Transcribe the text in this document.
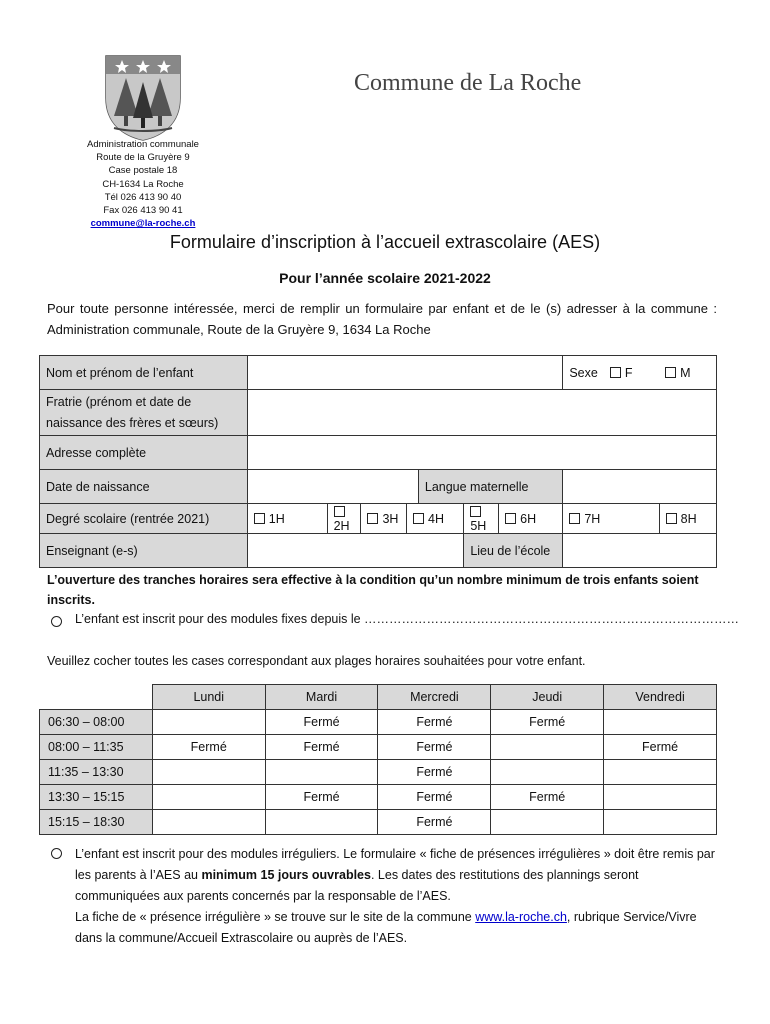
Commune de La Roche
Administration communale
Route de la Gruyère 9
Case postale 18
CH-1634 La Roche
Tél 026 413 90 40
Fax 026 413 90 41
commune@la-roche.ch
Formulaire d’inscription à l’accueil extrascolaire (AES)
Pour l’année scolaire 2021-2022
Pour toute personne intéressée, merci de remplir un formulaire par enfant et de le (s) adresser à la commune : Administration communale, Route de la Gruyère 9, 1634 La Roche
Nom et prénom de l’enfant								Sexe	F	M
Fratrie (prénom et date de naissance des frères et sœurs)										
Adresse complète										
Date de naissance					Langue maternelle					
Degré scolaire (rentrée 2021)	1H	2H	3H	4H		5H	6H	7H		8H
Enseignant (e-s)						Lieu de l’école				
L’ouverture des tranches horaires sera effective à la condition qu’un nombre minimum de trois enfants soient inscrits.
L’enfant est inscrit pour des modules fixes depuis le ………………………………………………………………………………
Veuillez cocher toutes les cases correspondant aux plages horaires souhaitées pour votre enfant.
	Lundi	Mardi	Mercredi	Jeudi	Vendredi
06:30 – 08:00		Fermé	Fermé	Fermé	
08:00 – 11:35	Fermé	Fermé	Fermé		Fermé
11:35 – 13:30			Fermé		
13:30 – 15:15		Fermé	Fermé	Fermé	
15:15 – 18:30			Fermé		
L’enfant est inscrit pour des modules irréguliers. Le formulaire « fiche de présences irrégulières » doit être remis par les parents à l’AES au minimum 15 jours ouvrables. Les dates des restitutions des plannings seront communiquées aux parents concernés par la responsable de l’AES.
La fiche de « présence irrégulière » se trouve sur le site de la commune www.la-roche.ch, rubrique Service/Vivre dans la commune/Accueil Extrascolaire ou auprès de l’AES.
